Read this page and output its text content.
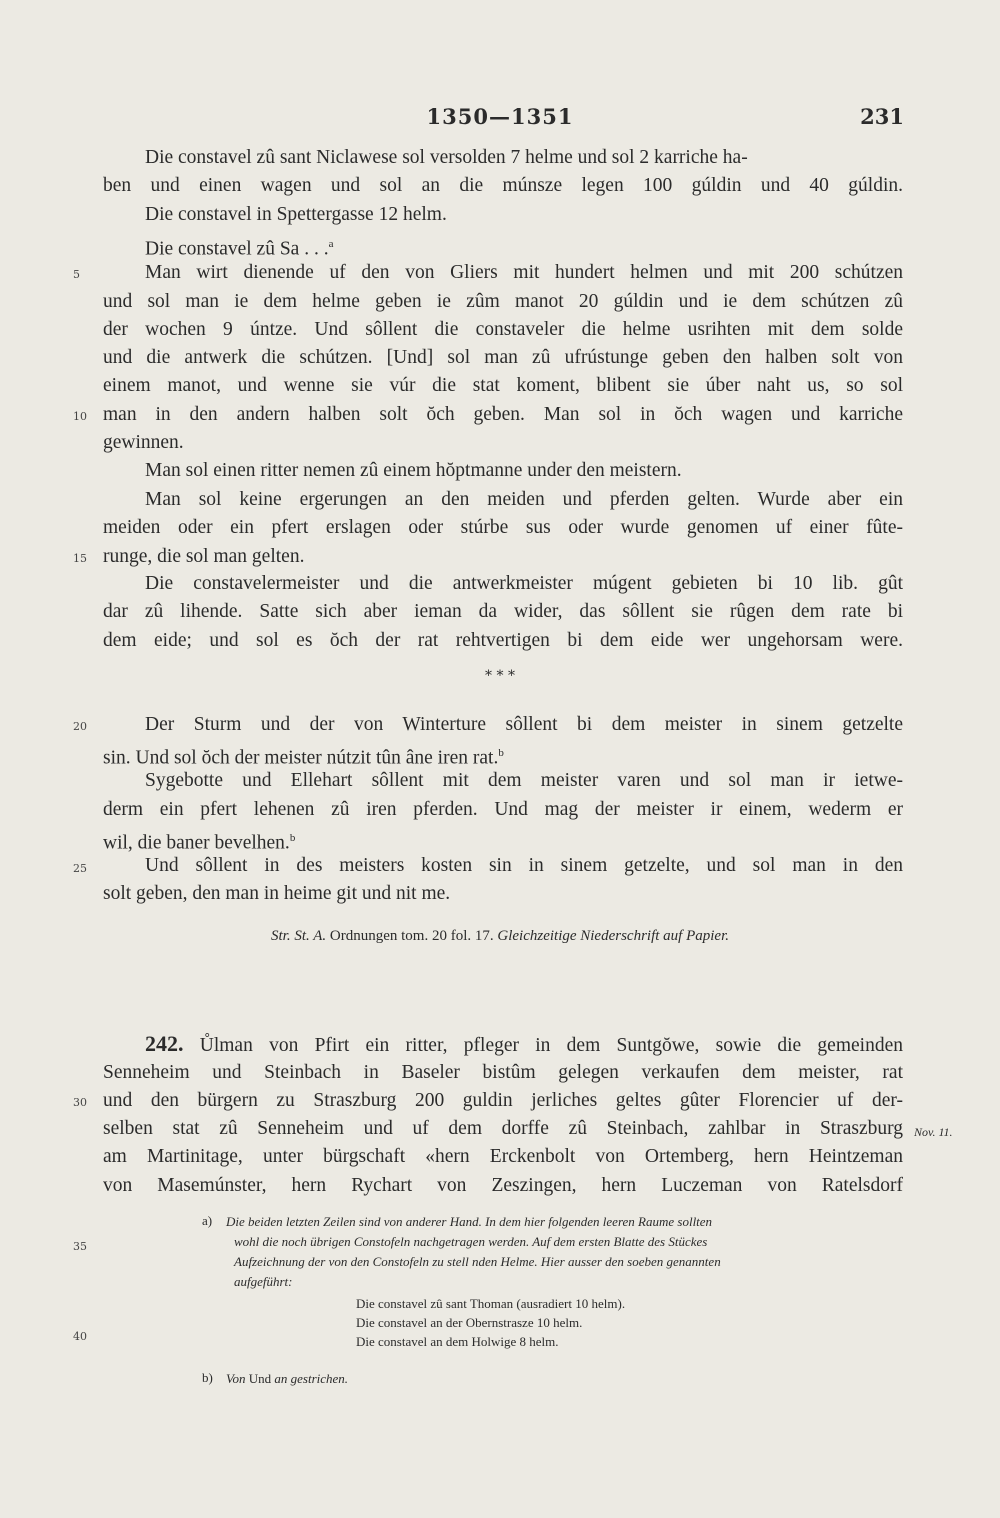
1350—1351	231
Die constavel zû sant Niclawese sol versolden 7 helme und sol 2 karriche ha-
ben und einen wagen und sol an die múnsze legen 100 gúldin und 40 gúldin.
Die constavel in Spettergasse 12 helm.
Die constavel zû Sa . . .$^a$
5	Man wirt dienende uf den von Gliers mit hundert helmen und mit 200 schútzen
und sol man ie dem helme geben ie zûm manot 20 gúldin und ie dem schútzen zû
der wochen 9 úntze. Und sôllent die constaveler die helme usrihten mit dem solde
und die antwerk die schútzen. [Und] sol man zû ufrústunge geben den halben solt von
einem manot, und wenne sie vúr die stat koment, blibent sie úber naht us, so sol
10 man in den andern halben solt ŏch geben. Man sol in ŏch wagen und karriche
gewinnen.
Man sol einen ritter nemen zû einem hŏptmanne under den meistern.
Man sol keine ergerungen an den meiden und pferden gelten. Wurde aber ein
meiden oder ein pfert erslagen oder stúrbe sus oder wurde genomen uf einer fûte-
15 runge, die sol man gelten.
Die constavelermeister und die antwerkmeister múgent gebieten bi 10 lib. gût
dar zû lihende. Satte sich aber ieman da wider, das sôllent sie rûgen dem rate bi
dem eide; und sol es ŏch der rat rehtvertigen bi dem eide wer ungehorsam were.
* * *
20	Der Sturm und der von Winterture sôllent bi dem meister in sinem getzelte
sin. Und sol ŏch der meister nútzit tûn âne iren rat.$^b$
Sygebotte und Ellehart sôllent mit dem meister varen und sol man ir ietwe-
derm ein pfert lehenen zû iren pferden. Und mag der meister ir einem, wederm er
wil, die baner bevelhen.$^b$
25	Und sôllent in des meisters kosten sin in sinem getzelte, und sol man in den
solt geben, den man in heime git und nit me.
Str. St. A. Ordnungen tom. 20 fol. 17. Gleichzeitige Niederschrift auf Papier.
242. Ůlman von Pfirt ein ritter, pfleger in dem Suntgŏwe, sowie die gemeinden
Senneheim und Steinbach in Baseler bistûm gelegen verkaufen dem meister, rat
30 und den bürgern zu Straszburg 200 guldin jerliches geltes gûter Florencier uf der-
selben stat zû Senneheim und uf dem dorffe zû Steinbach, zahlbar in Straszburg
am Martinitage, unter bürgschaft «hern Erckenbolt von Ortemberg, hern Heintzeman
Nov. 11.
von Masemúnster, hern Rychart von Zeszingen, hern Luczeman von Ratelsdorf
a) Die beiden letzten Zeilen sind von anderer Hand. In dem hier folgenden leeren Raume sollten
35	wohl die noch übrigen Constofeln nachgetragen werden. Auf dem ersten Blatte des Stückes
Aufzeichnung der von den Constofeln zu stell nden Helme. Hier ausser den soeben genannten
aufgeführt:
Die constavel zû sant Thoman (ausradiert 10 helm).
Die constavel an der Obernstrasze 10 helm.
40	Die constavel an dem Holwige 8 helm.
b) Von Und an gestrichen.
